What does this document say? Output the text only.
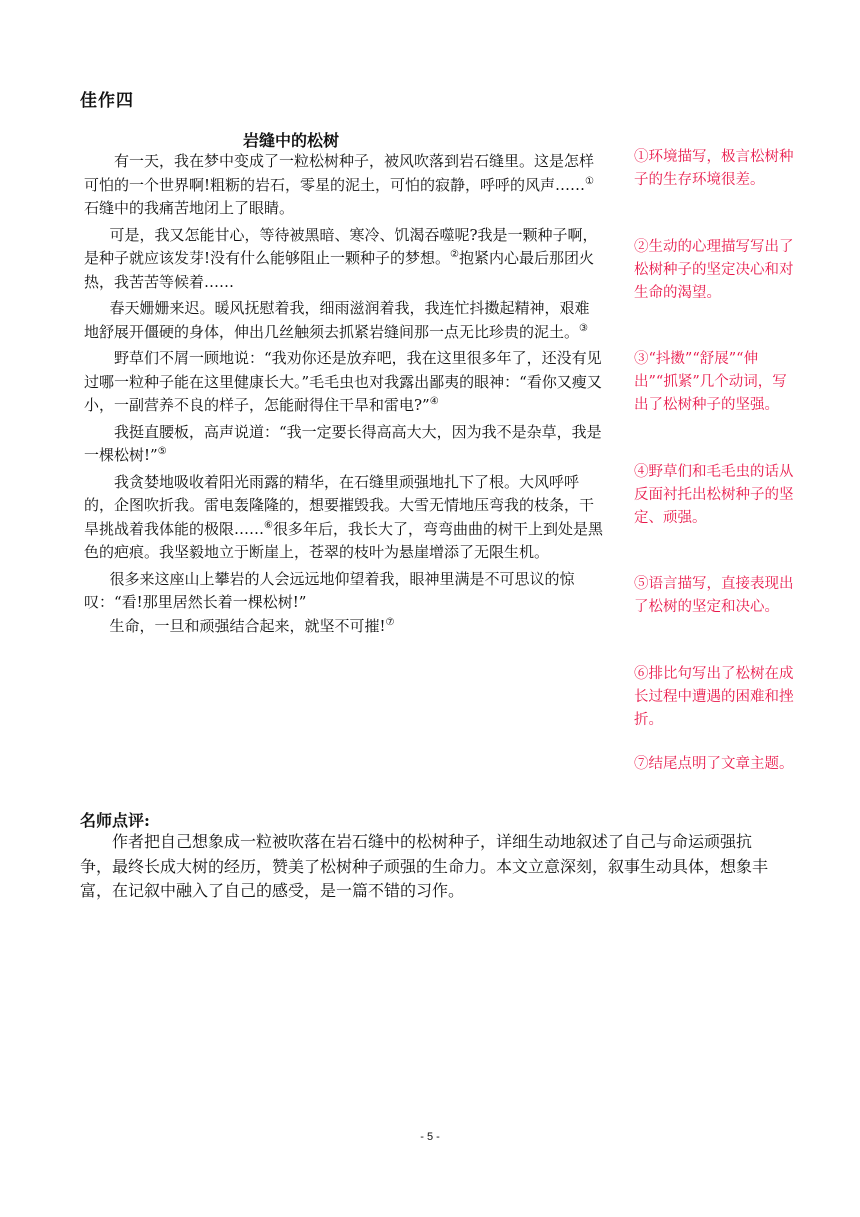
佳作四
岩缝中的松树

有一天，我在梦中变成了一粒松树种子，被风吹落到岩石缝里。这是怎样可怕的一个世界啊!粗粝的岩石，零星的泥土，可怕的寂静，呼呼的风声……①石缝中的我痛苦地闭上了眼睛。

可是，我又怎能甘心，等待被黑暗、寒冷、饥渴吞噬呢?我是一颗种子啊，是种子就应该发芽!没有什么能够阻止一颗种子的梦想。②抱紧内心最后那团火热，我苦苦等候着……

春天姗姗来迟。暖风抚慰着我，细雨滋润着我，我连忙抖擞起精神，艰难地舒展开僵硬的身体，伸出几丝触须去抓紧岩缝间那一点无比珍贵的泥土。③

野草们不屑一顾地说：“我劝你还是放弃吧，我在这里很多年了，还没有见过哪一粒种子能在这里健康长大。”毛毛虫也对我露出鄙夷的眼神：“看你又瘦又小，一副营养不良的样子，怎能耐得住干旱和雷电?”④

我挺直腰板，高声说道：“我一定要长得高高大大，因为我不是杂草，我是一棵松树!”⑤

我贪婪地吸收着阳光雨露的精华，在石缝里顽强地扎下了根。大风呼呼的，企图吹折我。雷电轰隆隆的，想要摧毁我。大雪无情地压弯我的枝条，干旱挑战着我体能的极限……⑥很多年后，我长大了，弯弯曲曲的树干上到处是黑色的疤痕。我坚毅地立于断崖上，苍翠的枝叶为悬崖增添了无限生机。

很多来这座山上攀岩的人会远远地仰望着我，眼神里满是不可思议的惊叹：“看!那里居然长着一棵松树!”

生命，一旦和顽强结合起来，就坚不可摧!⑦

①环境描写，极言松树种子的生存环境很差。
②生动的心理描写写出了松树种子的坚定决心和对生命的渴望。
③“抖擞”“舒展”“伸出”“抓紧”几个动词，写出了松树种子的坚强。
④野草们和毛毛虫的话从反面衬托出松树种子的坚定、顽强。
⑤语言描写，直接表现出了松树的坚定和决心。
⑥排比句写出了松树在成长过程中遭遇的困难和挫折。
⑦结尾点明了文章主题。
名师点评:

作者把自己想象成一粒被吹落在岩石缝中的松树种子，详细生动地叙述了自己与命运顽强抗争，最终长成大树的经历，赞美了松树种子顽强的生命力。本文立意深刻，叙事生动具体，想象丰富，在记叙中融入了自己的感受，是一篇不错的习作。

- 5 -
